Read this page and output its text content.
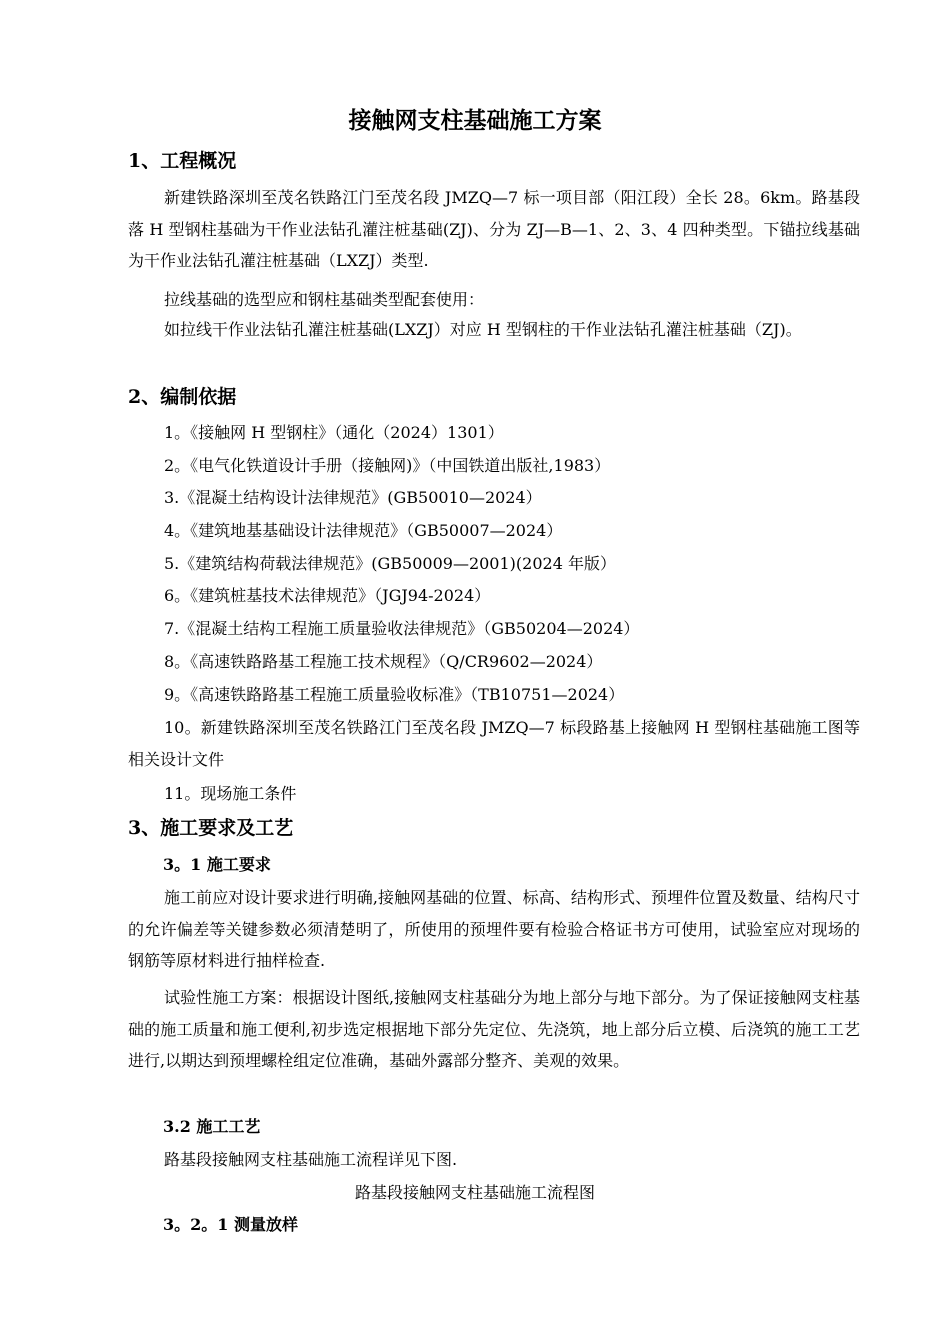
接触网支柱基础施工方案
1、工程概况
新建铁路深圳至茂名铁路江门至茂名段 JMZQ—7 标一项目部（阳江段）全长 28。6km。路基段落 H 型钢柱基础为干作业法钻孔灌注桩基础(ZJ)、分为 ZJ—B—1、2、3、4 四种类型。下锚拉线基础为干作业法钻孔灌注桩基础（LXZJ）类型.
拉线基础的选型应和钢柱基础类型配套使用：
如拉线干作业法钻孔灌注桩基础(LXZJ）对应 H 型钢柱的干作业法钻孔灌注桩基础（ZJ)。
2、编制依据
1。《接触网 H 型钢柱》（通化（2024）1301）
2。《电气化铁道设计手册（接触网)》（中国铁道出版社,1983）
3.《混凝土结构设计法律规范》(GB50010—2024）
4。《建筑地基基础设计法律规范》（GB50007—2024）
5.《建筑结构荷载法律规范》(GB50009—2001)(2024 年版）
6。《建筑桩基技术法律规范》（JGJ94-2024）
7.《混凝土结构工程施工质量验收法律规范》（GB50204—2024）
8。《高速铁路路基工程施工技术规程》（Q/CR9602—2024）
9。《高速铁路路基工程施工质量验收标准》（TB10751—2024）
10。新建铁路深圳至茂名铁路江门至茂名段 JMZQ—7 标段路基上接触网 H 型钢柱基础施工图等相关设计文件
11。现场施工条件
3、施工要求及工艺
3。1 施工要求
施工前应对设计要求进行明确,接触网基础的位置、标高、结构形式、预埋件位置及数量、结构尺寸的允许偏差等关键参数必须清楚明了，所使用的预埋件要有检验合格证书方可使用，试验室应对现场的钢筋等原材料进行抽样检查.
试验性施工方案：根据设计图纸,接触网支柱基础分为地上部分与地下部分。为了保证接触网支柱基础的施工质量和施工便利,初步选定根据地下部分先定位、先浇筑，地上部分后立模、后浇筑的施工工艺进行,以期达到预埋螺栓组定位准确，基础外露部分整齐、美观的效果。
3.2 施工工艺
路基段接触网支柱基础施工流程详见下图.
路基段接触网支柱基础施工流程图
3。2。1 测量放样
